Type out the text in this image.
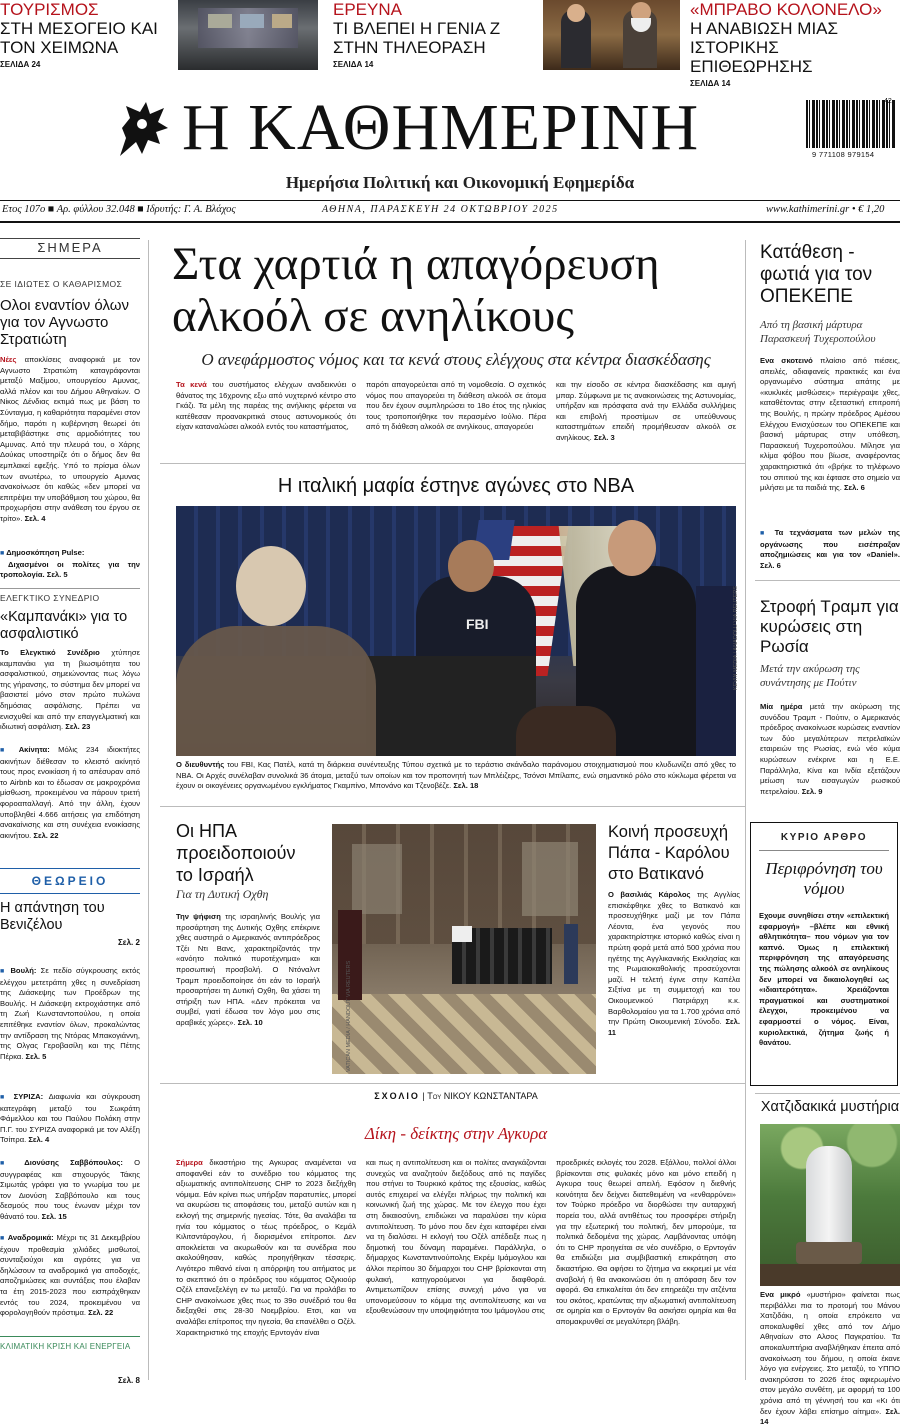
ΤΟΥΡΙΣΜΟΣ
ΣΤΗ ΜΕΣΟΓΕΙΟ ΚΑΙ ΤΟΝ ΧΕΙΜΩΝΑ
ΣΕΛΙΔΑ 24
ΕΡΕΥΝΑ
ΤΙ ΒΛΕΠΕΙ Η ΓΕΝΙΑ Ζ ΣΤΗΝ ΤΗΛΕΟΡΑΣΗ
ΣΕΛΙΔΑ 14
«ΜΠΡΑΒΟ ΚΟΛΟΝΕΛΟ»
Η ΑΝΑΒΙΩΣΗ ΜΙΑΣ ΙΣΤΟΡΙΚΗΣ ΕΠΙΘΕΩΡΗΣΗΣ
ΣΕΛΙΔΑ 14
Η ΚΑΘΗΜΕΡΙΝΗ
Ημερήσια Πολιτική και Οικονομική Εφημερίδα
42
9 771108 979154
Ετος 107ο ■ Αρ. φύλλου 32.048 ■ Ιδρυτής: Γ. Α. Βλάχος	ΑΘΗΝΑ, ΠΑΡΑΣΚΕΥΗ 24 ΟΚΤΩΒΡΙΟΥ 2025	www.kathimerini.gr • € 1,20
ΣΗΜΕΡΑ
ΣΕ ΙΔΙΩΤΕΣ Ο ΚΑΘΑΡΙΣΜΟΣ
Ολοι εναντίον όλων για τον Αγνωστο Στρατιώτη
Νέες αποκλίσεις αναφορικά με τον Αγνωστο Στρατιώτη καταγράφονται μεταξύ Μαξίμου, υπουργείου Αμυνας, αλλά πλέον και του Δήμου Αθηναίων. Ο Νίκος Δένδιας εκτιμά πως με βάση το Σύνταγμα, η καθαριότητα παραμένει στον δήμο, παρότι η κυβέρνηση θεωρεί ότι μεταβιβάστηκε στις αρμοδιότητες του Αμυνας. Από την πλευρά του, ο Χάρης Δούκας υποστηρίζε ότι ο δήμος δεν θα εμπλακεί εφεξής. Υπό το πρίσμα όλων των ανωτέρω, το υπουργείο Αμυνας ανακοίνωσε ότι καθώς «δεν μπορεί να επιτρέψει την υποβάθμιση του χώρου, θα προχωρήσει στην ανάθεση του έργου σε τρίτο». Σελ. 4
■ Δημοσκόπηση Pulse:
Διχασμένοι οι πολίτες για την τροπολογία. Σελ. 5
ΕΛΕΓΚΤΙΚΟ ΣΥΝΕΔΡΙΟ
«Καμπανάκι» για το ασφαλιστικό
Το Ελεγκτικό Συνέδριο χτύπησε καμπανάκι για τη βιωσιμότητα του ασφαλιστικού, σημειώνοντας πως λόγω της γήρανσης, το σύστημα δεν μπορεί να βασιστεί μόνο στον πρώτο πυλώνα δημόσιας ασφάλισης. Πρέπει να ενισχυθεί και από την επαγγελματική και ιδιωτική ασφάλιση. Σελ. 23
■ Ακίνητα: Μόλις 234 ιδιοκτήτες ακινήτων διέθεσαν το κλειστό ακίνητό τους προς ενοικίαση ή το απέσυραν από το Airbnb και το έδωσαν σε μακροχρόνια μίσθωση, προκειμένου να πάρουν τριετή φοροαπαλλαγή. Από την άλλη, έχουν υποβληθεί 4.666 αιτήσεις για επιδότηση ανακαίνισης και στη συνέχεια ενοικίασης ακινήτου. Σελ. 22
ΘΕΩΡΕΙΟ
Η απάντηση του Βενιζέλου
Σελ. 2
■ Βουλή: Σε πεδίο σύγκρουσης εκτός ελέγχου μετετράπη χθες η συνεδρίαση της Διάσκεψης των Προέδρων της Βουλής. Η Διάσκεψη εκτροχιάστηκε από τη Ζωή Κωνσταντοπούλου, η οποία επιτέθηκε εναντίον όλων, προκαλώντας την αντίδραση της Ντόρας Μπακογιάννη, της Ολγας Γεροβασίλη και της Πέτης Πέρκα. Σελ. 5
■ ΣΥΡΙΖΑ: Διαφωνία και σύγκρουση κατεγράφη μεταξύ του Σωκράτη Φάμελλου και του Παύλου Πολάκη στην Π.Γ. του ΣΥΡΙΖΑ αναφορικά με τον Αλέξη Τσίπρα. Σελ. 4
■ Διονύσης Σαββόπουλος: Ο συγγραφέας και στιχουργός Τάκης Σιμωτάς γράφει για το γνωρίμα του με τον Διονύση Σαββόπουλο και τους δεσμούς που τους ένωναν μέχρι τον θάνατό του. Σελ. 15
■ Αναδρομικά: Μέχρι τις 31 Δεκεμβρίου έχουν προθεσμία χιλιάδες μισθωτοί, συνταξιούχοι και αγρότες για να δηλώσουν τα αναδρομικά για αποδοχές, αποζημιώσεις και συντάξεις που έλαβαν τα έτη 2015-2023 που εισπράχθηκαν εντός του 2024, προκειμένου να φορολογηθούν πρόστιμα. Σελ. 22
ΚΛΙΜΑΤΙΚΗ ΚΡΙΣΗ ΚΑΙ ΕΝΕΡΓΕΙΑ
Σελ. 8
Στα χαρτιά η απαγόρευση αλκοόλ σε ανηλίκους
Ο ανεφάρμοστος νόμος και τα κενά στους ελέγχους στα κέντρα διασκέδασης
Τα κενά του συστήματος ελέγχων αναδεικνύει ο θάνατος της 16χρονης εξω από νυχτερινό κέντρο στο Γκάζι. Τα μέλη της παρέας της ανήλικης φέρεται να κατέθεσαν προανακριτικά στους αστυνομικούς ότι είχαν καταναλώσει αλκοόλ εντός του καταστήματος,
παρότι απαγορεύεται από τη νομοθεσία. Ο σχετικός νόμος που απαγορεύει τη διάθεση αλκοόλ σε άτομα που δεν έχουν συμπληρώσει το 18ο έτος της ηλικίας τους τροποποιήθηκε τον περασμένο Ιούλιο. Πέρα από τη διάθεση αλκοόλ σε ανηλίκους, απαγορεύει
και την είσοδο σε κέντρα διασκέδασης και αμιγή μπαρ. Σύμφωνα με τις ανακοινώσεις της Αστυνομίας, υπήρξαν και πρόσφατα ανά την Ελλάδα συλλήψεις και επιβολή προστίμων σε υπεύθυνους καταστημάτων επειδή προμήθευσαν αλκοόλ σε ανηλίκους. Σελ. 3
Η ιταλική μαφία έστηνε αγώνες στο NBA
FBI	KEVIN MEDIA / ANADOLU VIA REUTERS
Ο διευθυντής του FBI, Κας Πατέλ, κατά τη διάρκεια συνέντευξης Τύπου σχετικά με το τεράστιο σκάνδαλο παράνομου στοιχηματισμού που κλυδωνίζει από χθες το NBA. Οι Αρχές συνέλαβαν συνολικά 36 άτομα, μεταξύ των οποίων και τον προπονητή των Μπλέιζερς, Τσόνσι Μπίλαπς, ενώ σημαντικό ρόλο στο κύκλωμα φέρεται να έχουν οι οικογένειες οργανωμένου εγκλήματος Γκαμπίνο, Μπονάνο και Τζενοβέζε. Σελ. 18
Οι ΗΠΑ προειδοποιούν το Ισραήλ
Για τη Δυτική Οχθη
Την ψήφιση της ισραηλινής Βουλής για προσάρτηση της Δυτικής Οχθης επέκρινε χθες αυστηρά ο Αμερικανός αντιπρόεδρος Τζέι Ντι Βανς, χαρακτηρίζοντάς την «ανόητο πολιτικό πυροτέχνημα» και προσωπική προσβολή. Ο Ντόναλντ Τραμπ προειδοποίησε ότι εάν το Ισραήλ προσαρτήσει τη Δυτική Οχθη, θα χάσει τη στήριξη των ΗΠΑ. «Δεν πρόκειται να συμβεί, γιατί έδωσα τον λόγο μου στις αραβικές χώρες». Σελ. 10	VATICAN MEDIA / HANDOUT VIA REUTERS
Κοινή προσευχή Πάπα - Καρόλου στο Βατικανό
Ο βασιλιάς Κάρολος της Αγγλίας επισκέφθηκε χθες το Βατικανό και προσευχήθηκε μαζί με τον Πάπα Λέοντα, ένα γεγονός που χαρακτηρίστηκε ιστορικό καθώς είναι η πρώτη φορά μετά από 500 χρόνια που ηγέτης της Αγγλικανικής Εκκλησίας και της Ρωμαιοκαθολικής προσεύχονται μαζί. Η τελετή έγινε στην Καπέλα Σιξτίνα με τη συμμετοχή και του Οικουμενικού Πατριάρχη κ.κ. Βαρθολομαίου για τα 1.700 χρόνια από την Πρώτη Οικουμενική Σύνοδο. Σελ. 11
ΣΧΟΛΙΟ | Του ΝΙΚΟΥ ΚΩΝΣΤΑΝΤΑΡΑ
Δίκη - δείκτης στην Αγκυρα
Σήμερα δικαστήριο της Αγκυρας αναμένεται να αποφανθεί εάν το συνέδριο του κόμματος της αξιωματικής αντιπολίτευσης CHP το 2023 διεξήχθη νόμιμα. Εάν κρίνει πως υπήρξαν παρατυπίες, μπορεί να ακυρώσει τις αποφάσεις του, μεταξύ αυτών και η εκλογή της σημερινής ηγεσίας. Τότε, θα αναλάβει τα ηνία του κόμματος ο τέως πρόεδρος, ο Κεμάλ Κιλιτσντάρογλου, ή διορισμένοι επίτροποι. Δεν αποκλείεται να ακυρωθούν και τα συνέδρια που ακολούθησαν, καθώς προηγήθηκαν τέσσερις. Λιγότερο πιθανό είναι η απόρριψη του αιτήματος με το σκεπτικό ότι ο πρόεδρος του κόμματος Οζγκιούρ Οζέλ επανεξελέγη εν τω μεταξύ. Για να προλάβει το CHP ανακοίνωσε χθες πως το 39ο συνέδριό του θα διεξαχθεί στις 28-30 Νοεμβρίου. Ετσι, και να αναλάβει επίτροπος την ηγεσία, θα επανέλθει ο Οζέλ. Χαρακτηριστικό της εποχής Ερντογάν είναι
και πως η αντιπολίτευση και οι πολίτες αναγκάζονται συνεχώς να αναζητούν διεξόδους από τις παγίδες που στήνει το Τουρκικό κράτος της εξουσίας, καθώς αυτός επιχειρεί να ελέγξει πλήρως την πολιτική και κοινωνική ζωή της χώρας. Με τον έλεγχο που έχει στη δικαιοσύνη, επιδιώκει να παραλύσει την κύρια αντιπολίτευση. Το μόνο που δεν έχει καταφέρει είναι να τη διαλύσει. Η εκλογή του Οζέλ απέδειξε πως η δημοτική του δύναμη παραμένει. Παράλληλα, ο δήμαρχος Κωνσταντινούπολης Εκρέμ Ιμάμογλου και άλλοι περίπου 30 δήμαρχοι του CHP βρίσκονται στη φυλακή, κατηγορούμενοι για διαφθορά. Αντιμετωπίζουν επίσης συνεχή μόνο για να υπονομεύσουν το κόμμα της αντιπολίτευσης και να εξουθενώσουν την υποψηφιότητα του Ιμάμογλου στις
προεδρικές εκλογές του 2028. Εξάλλου, πολλοί άλλοι βρίσκονται στις φυλακές μόνο και μόνο επειδή η Αγκυρα τους θεωρεί απειλή. Εφόσον η διεθνής κοινότητα δεν δείχνει διατεθειμένη να «ενθαρρύνει» τον Τούρκο πρόεδρο να διορθώσει την αυταρχική πορεία του, αλλά αντιθέτως του προσφέρει στήριξη για την εξωτερική του πολιτική, δεν μπορούμε, τα πολιτικά δεδομένα της χώρας. Λαμβάνοντας υπόψη ότι το CHP προηγείται σε νέο συνέδριο, ο Ερντογάν θα επιδιώξει μια συμβιβαστική επικράτηση στο δικαστήριο. Θα αφήσει το ζήτημα να εκκρεμεί με νέα αναβολή ή θα ανακοινώσει ότι η απόφαση δεν τον αφορά. Θα επικαλείται ότι δεν επηρεάζει την ατζέντα του σκότος, κρατώντας την αξιωματική αντιπολίτευση σε ομηρία και ο Ερντογάν θα ασκήσει ομηρία και θα απομακρυνθεί σε μεγαλύτερη βλάβη.
Κατάθεση - φωτιά για τον ΟΠΕΚΕΠΕ
Από τη βασική μάρτυρα Παρασκευή Τυχεροπούλου
Ενα σκοτεινό πλαίσιο από πιέσεις, απειλές, αδιαφανείς πρακτικές και ένα οργανωμένο σύστημα απάτης με «κυκλικές μισθώσεις» περιέγραψε χθες, καταθέτοντας στην εξεταστική επιτροπή της Βουλής, η πρώην πρόεδρος Αμέσου Ελέγχου Ενισχύσεων του ΟΠΕΚΕΠΕ και βασική μάρτυρας στην υπόθεση, Παρασκευή Τυχεροπούλου. Μίλησε για κλίμα φόβου που βίωσε, αναφέροντας χαρακτηριστικά ότι «βρήκε το τηλέφωνο του σπιτιού της και έφτασε στο σημείο να μιλήσει με τα παιδιά της. Σελ. 6
■ Τα τεχνάσματα των μελών της οργάνωσης που εισέπραξαν αποζημιώσεις και για τον «Daniel». Σελ. 6
Στροφή Τραμπ για κυρώσεις στη Ρωσία
Μετά την ακύρωση της συνάντησης με Πούτιν
Μία ημέρα μετά την ακύρωση της συνόδου Τραμπ - Πούτιν, ο Αμερικανός πρόεδρος ανακοίνωσε κυρώσεις εναντίον των δύο μεγαλύτερων πετρελαϊκών εταιρειών της Ρωσίας, ενώ νέο κύμα κυρώσεων ενέκρινε και η Ε.Ε. Παράλληλα, Κίνα και Ινδία εξετάζουν μείωση των εισαγωγών ρωσικού πετρελαίου. Σελ. 9
ΚΥΡΙΟ ΑΡΘΡΟ
Περιφρόνηση του νόμου
Εχουμε συνηθίσει στην «επιλεκτική εφαρμογή» –βλέπε και εθνική αθλητικότητα– που νόμων για τον καπνό. Όμως η επιλεκτική περιφρόνηση της απαγόρευσης της πώλησης αλκοόλ σε ανηλίκους δεν μπορεί να δικαιολογηθεί ως «ιδιαιτερότητα». Χρειάζονται πραγματικοί και συστηματικοί έλεγχοι, προκειμένου να εφαρμοστεί ο νόμος. Είναι, κυριολεκτικά, ζήτημα ζωής ή θανάτου.
Χατζιδακικά μυστήρια
Ενα μικρό «μυστήριο» φαίνεται πως περιβάλλει πια το προτομή του Μάνου Χατζιδάκι, η οποία επρόκειτο να αποκαλυφθεί χθες από τον Δήμο Αθηναίων στο Αλσος Παγκρατίου. Τα αποκαλυπτήρια αναβλήθηκαν έπειτα από ανακοίνωση του δήμου, η οποία έκανε λόγο για ενέργειες. Στο μεταξύ, το ΥΠΠΟ ανακηρύσσει το 2026 έτος αφιερωμένο στον μεγάλο συνθέτη, με αφορμή τα 100 χρόνια από τη γέννησή του και «Κι ότι δεν έχουν λάβει επίσημο αίτημα». Σελ. 14
